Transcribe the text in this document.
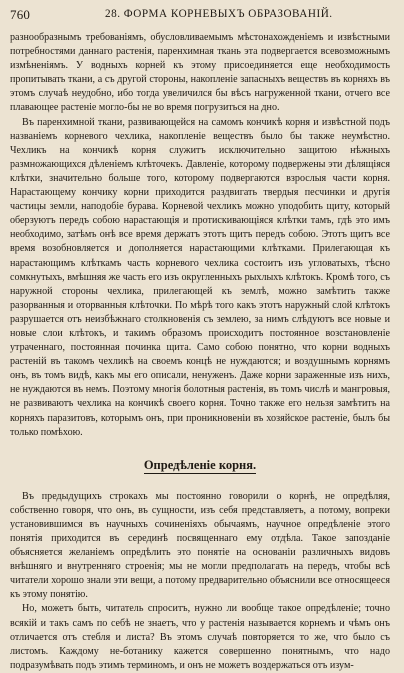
760	28. ФОРМА КОРНЕВЫХЪ ОБРАЗОВАНІЙ.

разнообразнымъ требованіямъ, обусловливаемымъ мѣстонахожденіемъ и извѣстными потребностями даннаго растенія, паренхимная ткань эта подвергается всевозможнымъ измѣненіямъ. У водныхъ корней къ этому присоединяется еще необходимость пропитывать ткани, а съ другой стороны, накопленіе запасныхъ веществъ въ корняхъ въ этомъ случаѣ неудобно, ибо тогда увеличился бы вѣсъ нагруженной ткани, отчего все плавающее растеніе могло-бы не во время погрузиться на дно.

Въ паренхимной ткани, развивающейся на самомъ кончикѣ корня и извѣстной подъ названіемъ корневого чехлика, накопленіе веществъ было бы также неумѣстно. Чехликъ на кончикѣ корня служитъ исключительно защитою нѣжныхъ размножающихся дѣленіемъ клѣточекъ. Давленіе, которому подвержены эти дѣлящіяся клѣтки, значительно больше того, которому подвергаются взрослыя части корня. Нарастающему кончику корни приходится раздвигать твердыя песчинки и другія частицы земли, наподобіе бурава. Корневой чехликъ можно уподобить щиту, который оберзуютъ передъ собою нарастающія и протискивающіяся клѣтки тамъ, гдѣ это имъ необходимо, затѣмъ онѣ все время держатъ этотъ щитъ передъ собою. Этотъ щитъ все время возобновляется и дополняется нарастающими клѣтками. Прилегающая къ нарастающимъ клѣткамъ часть корневого чехлика состоитъ изъ угловатыхъ, тѣсно сомкнутыхъ, вмѣшняя же часть его изъ округленныхъ рыхлыхъ клѣтокъ. Кромѣ того, съ наружной стороны чехлика, прилегающей къ землѣ, можно замѣтить также разорванныя и оторванныя клѣточки. По мѣрѣ того какъ этотъ наружный слой клѣтокъ разрушается отъ неизбѣжнаго столкновенія съ землею, за нимъ слѣдуютъ все новые и новые слои клѣтокъ, и такимъ образомъ происходитъ постоянное возстановленіе утраченнаго, постоянная починка щита. Само собою понятно, что корни водныхъ растеній въ такомъ чехликѣ на своемъ концѣ не нуждаются; и воздушнымъ корнямъ онъ, въ томъ видѣ, какъ мы его описали, ненуженъ. Даже корни зараженные изъ нихъ, не нуждаются въ немъ. Поэтому многія болотныя растенія, въ томъ числѣ и мангровыя, не развиваютъ чехлика на кончикѣ своего корня. Точно также его нельзя замѣтить на корняхъ паразитовъ, которымъ онъ, при проникновеніи въ хозяйское растеніе, былъ бы только помѣхою.

Опредѣленіе корня.

Въ предыдущихъ строкахъ мы постоянно говорили о корнѣ, не опредѣляя, собственно говоря, что онъ, въ сущности, изъ себя представляетъ, а потому, вопреки установившимся въ научныхъ сочиненіяхъ обычаямъ, научное опредѣленіе этого понятія приходится въ серединѣ посвященнаго ему отдѣла. Такое запозданіе объясняется желаніемъ опредѣлить это понятіе на основаніи различныхъ видовъ внѣшняго и внутренняго строенія; мы не могли предполагать на передъ, чтобы всѣ читатели хорошо знали эти вещи, а потому предварительно объяснили все относящееся къ этому понятію.

Но, можетъ быть, читатель спроситъ, нужно ли вообще такое опредѣленіе; точно всякій и такъ самъ по себѣ не знаетъ, что у растенія называется корнемъ и чѣмъ онъ отличается отъ стебля и листа? Въ этомъ случаѣ повторяется то же, что было съ листомъ. Каждому не-ботанику кажется совершенно понятнымъ, что надо подразумѣвать подъ этимъ терминомъ, и онъ не можетъ воздержаться отъ изум-
